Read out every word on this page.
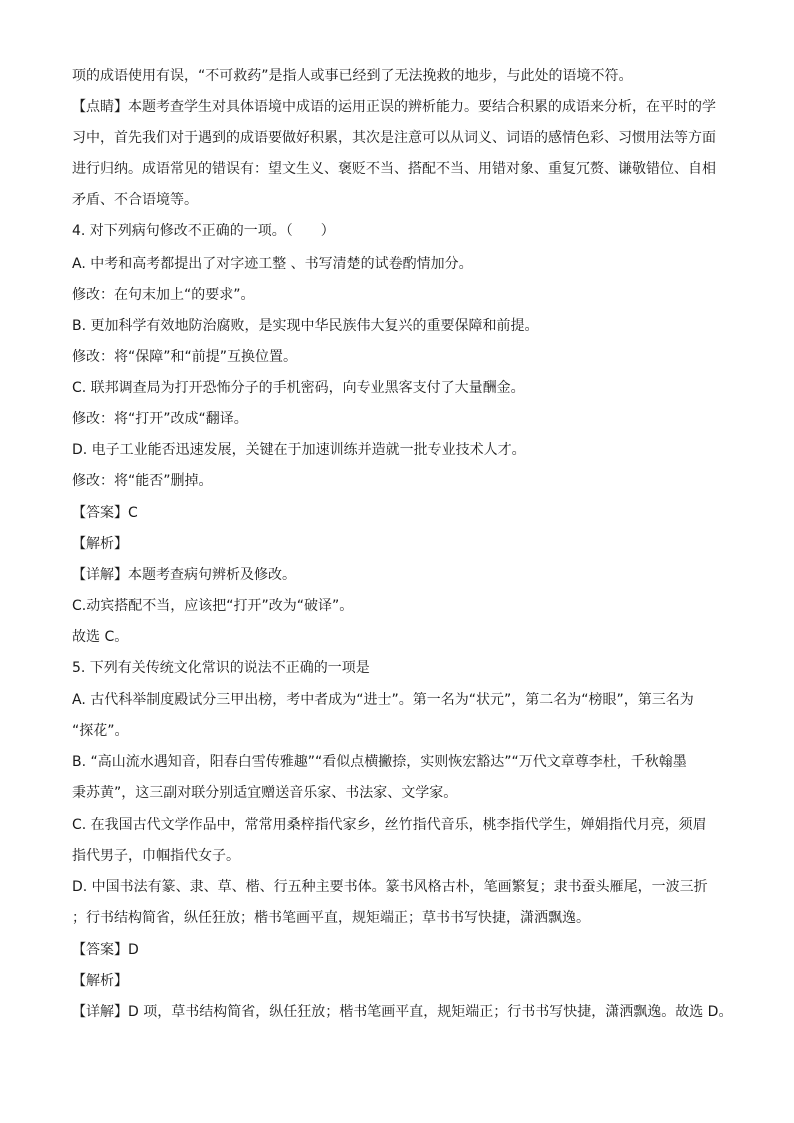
项的成语使用有误，“不可救药”是指人或事已经到了无法挽救的地步，与此处的语境不符。
【点睛】本题考查学生对具体语境中成语的运用正误的辨析能力。要结合积累的成语来分析，在平时的学
习中，首先我们对于遇到的成语要做好积累，其次是注意可以从词义、词语的感情色彩、习惯用法等方面
进行归纳。成语常见的错误有：望文生义、褒贬不当、搭配不当、用错对象、重复冗赘、谦敬错位、自相
矛盾、不合语境等。
4. 对下列病句修改不正确的一项。（　　）
A. 中考和高考都提出了对字迹工整 、书写清楚的试卷酌情加分。
修改：在句末加上“的要求”。
B. 更加科学有效地防治腐败，是实现中华民族伟大复兴的重要保障和前提。
修改：将“保障”和“前提”互换位置。
C. 联邦调查局为打开恐怖分子的手机密码，向专业黑客支付了大量酬金。
修改：将“打开”改成“翻译。
D. 电子工业能否迅速发展，关键在于加速训练并造就一批专业技术人才。
修改：将“能否”删掉。
【答案】C
【解析】
【详解】本题考查病句辨析及修改。
C.动宾搭配不当，应该把“打开”改为“破译”。
故选 C。
5. 下列有关传统文化常识的说法不正确的一项是
A. 古代科举制度殿试分三甲出榜，考中者成为“进士”。第一名为“状元”，第二名为“榜眼”，第三名为
“探花”。
B. “高山流水遇知音，阳春白雪传雅趣”“看似点横撇捺，实则恢宏豁达”“万代文章尊李杜，千秋翰墨
秉苏黄”，这三副对联分别适宜赠送音乐家、书法家、文学家。
C. 在我国古代文学作品中，常常用桑梓指代家乡，丝竹指代音乐，桃李指代学生，婵娟指代月亮，须眉
指代男子，巾帼指代女子。
D. 中国书法有篆、隶、草、楷、行五种主要书体。篆书风格古朴，笔画繁复；隶书蚕头雁尾，一波三折
；行书结构简省，纵任狂放；楷书笔画平直，规矩端正；草书书写快捷，潇洒飘逸。
【答案】D
【解析】
【详解】D 项，草书结构简省，纵任狂放；楷书笔画平直，规矩端正；行书书写快捷，潇洒飘逸。故选 D。
